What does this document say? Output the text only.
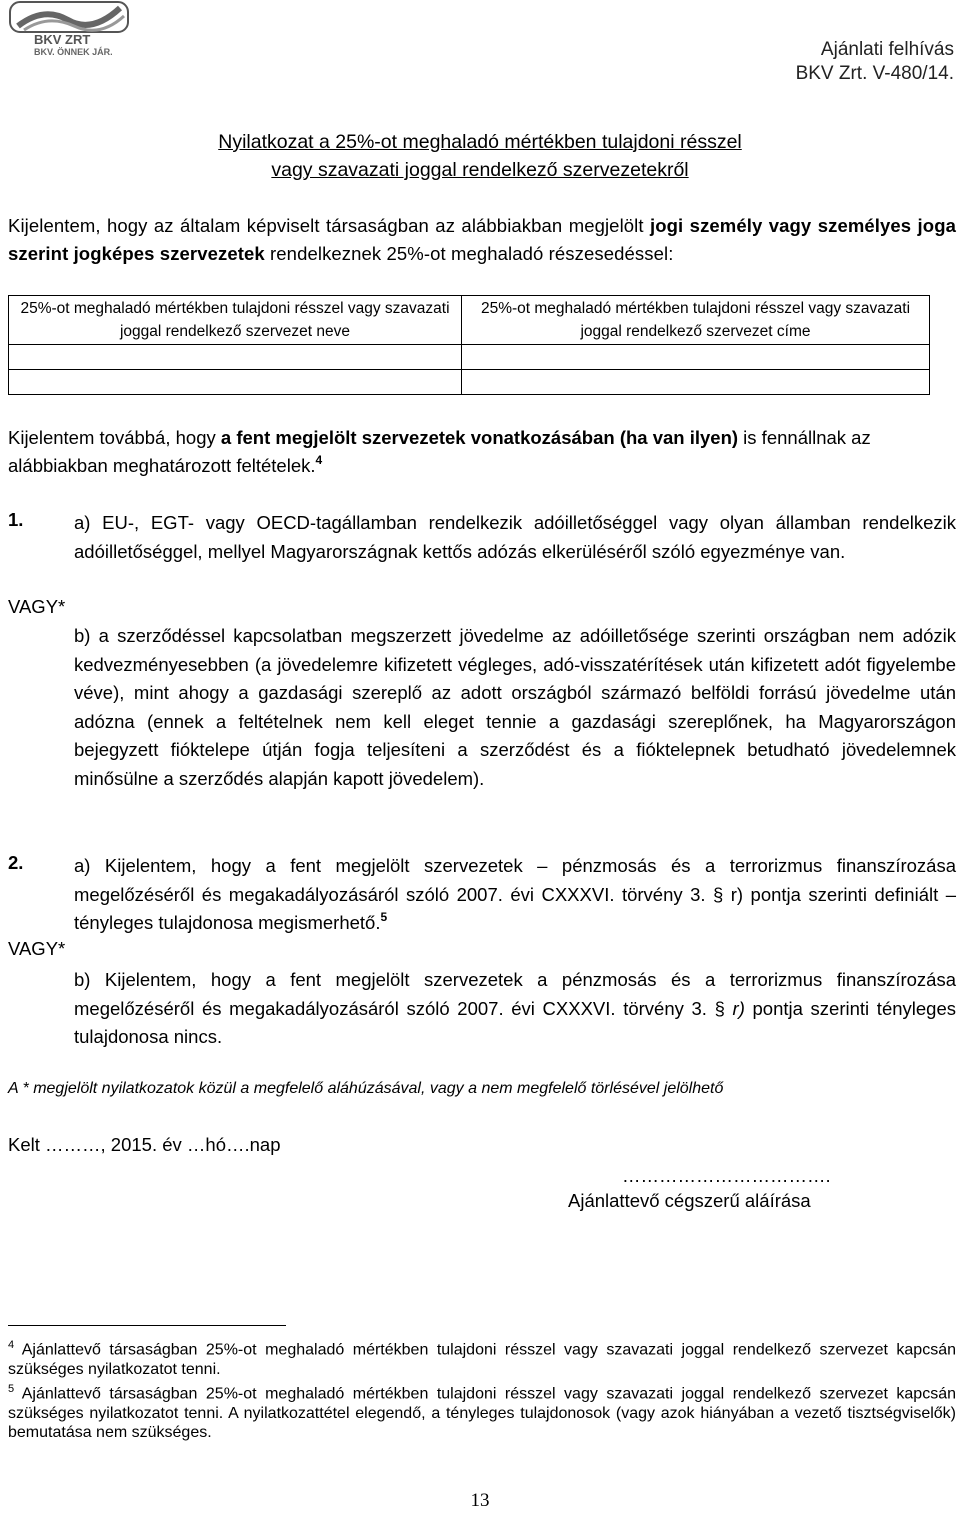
BKV ZRT
BKV. ÖNNEK JÁR.	Ajánlati felhívás
BKV Zrt. V-480/14.
Nyilatkozat a 25%-ot meghaladó mértékben tulajdoni résszel
vagy szavazati joggal rendelkező szervezetekről
Kijelentem, hogy az általam képviselt társaságban az alábbiakban megjelölt jogi személy vagy személyes joga szerint jogképes szervezetek rendelkeznek 25%-ot meghaladó részesedéssel:
25%-ot meghaladó mértékben tulajdoni résszel vagy szavazati joggal rendelkező szervezet neve	25%-ot meghaladó mértékben tulajdoni résszel vagy szavazati joggal rendelkező szervezet címe

Kijelentem továbbá, hogy a fent megjelölt szervezetek vonatkozásában (ha van ilyen) is fennállnak az alábbiakban meghatározott feltételek.$^4$
1.	a) EU-, EGT- vagy OECD-tagállamban rendelkezik adóilletőséggel vagy olyan államban rendelkezik adóilletőséggel, mellyel Magyarországnak kettős adózás elkerüléséről szóló egyezménye van.
VAGY*
b) a szerződéssel kapcsolatban megszerzett jövedelme az adóilletősége szerinti országban nem adózik kedvezményesebben (a jövedelemre kifizetett végleges, adó-visszatérítések után kifizetett adót figyelembe véve), mint ahogy a gazdasági szereplő az adott országból származó belföldi forrású jövedelme után adózna (ennek a feltételnek nem kell eleget tennie a gazdasági szereplőnek, ha Magyarországon bejegyzett fióktelepe útján fogja teljesíteni a szerződést és a fióktelepnek betudható jövedelemnek minősülne a szerződés alapján kapott jövedelem).
2.	a) Kijelentem, hogy a fent megjelölt szervezetek – pénzmosás és a terrorizmus finanszírozása megelőzéséről és megakadályozásáról szóló 2007. évi CXXXVI. törvény 3. § r) pontja szerinti definiált – tényleges tulajdonosa megismerhető.$^5$
VAGY*
b) Kijelentem, hogy a fent megjelölt szervezetek a pénzmosás és a terrorizmus finanszírozása megelőzéséről és megakadályozásáról szóló 2007. évi CXXXVI. törvény 3. § r) pontja szerinti tényleges tulajdonosa nincs.
A * megjelölt nyilatkozatok közül a megfelelő aláhúzásával, vagy a nem megfelelő törlésével jelölhető
Kelt ………, 2015. év …hó….nap
…………………………….
Ajánlattevő cégszerű aláírása
$^4$ Ajánlattevő társaságban 25%-ot meghaladó mértékben tulajdoni résszel vagy szavazati joggal rendelkező szervezet kapcsán szükséges nyilatkozatot tenni.
$^5$ Ajánlattevő társaságban 25%-ot meghaladó mértékben tulajdoni résszel vagy szavazati joggal rendelkező szervezet kapcsán szükséges nyilatkozatot tenni. A nyilatkozattétel elegendő, a tényleges tulajdonosok (vagy azok hiányában a vezető tisztségviselők) bemutatása nem szükséges.
13
